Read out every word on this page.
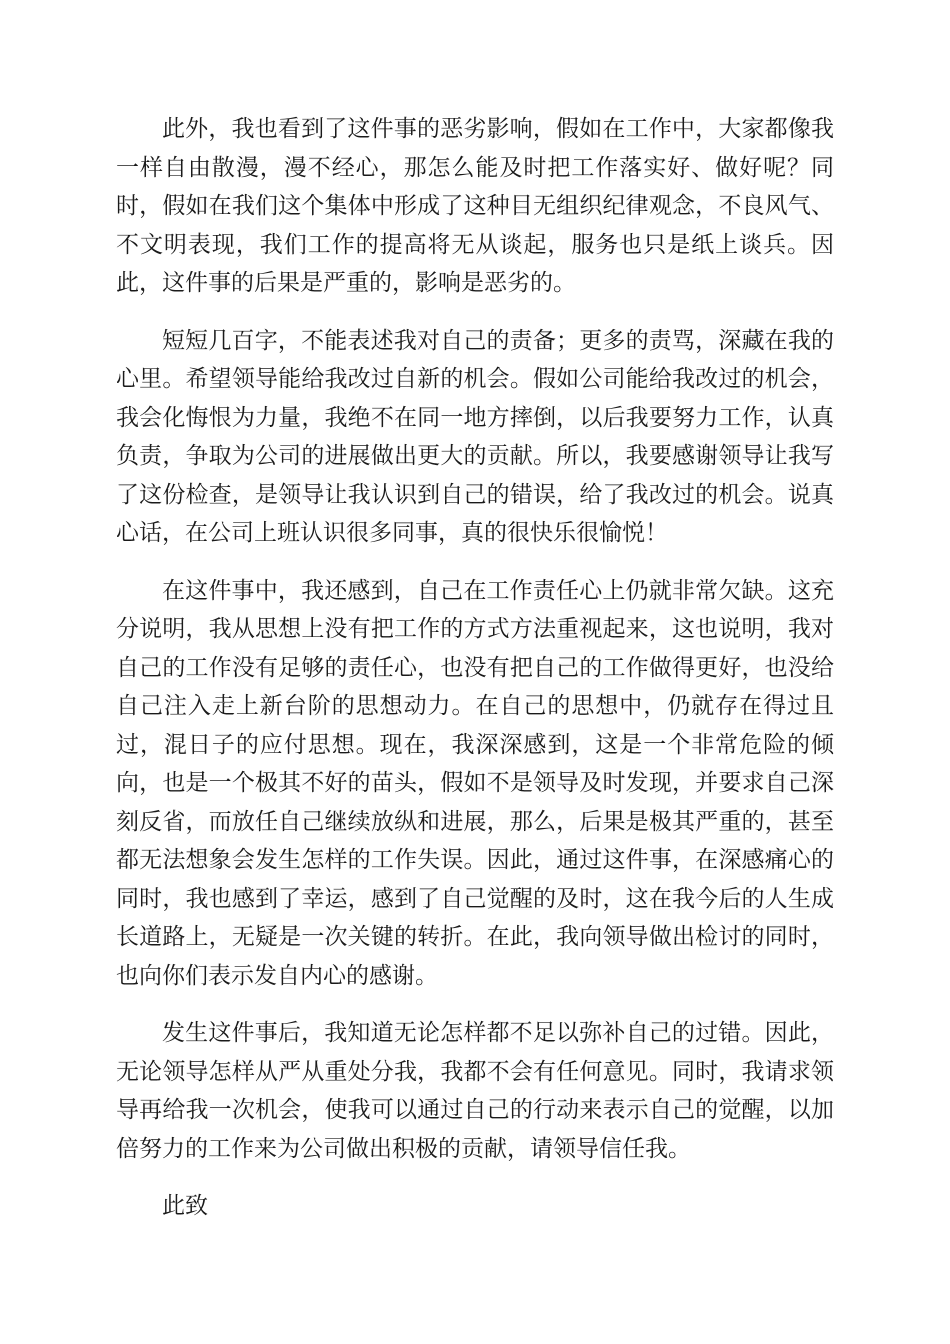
此外，我也看到了这件事的恶劣影响，假如在工作中，大家都像我一样自由散漫，漫不经心，那怎么能及时把工作落实好、做好呢？同时，假如在我们这个集体中形成了这种目无组织纪律观念，不良风气、不文明表现，我们工作的提高将无从谈起，服务也只是纸上谈兵。因此，这件事的后果是严重的，影响是恶劣的。

短短几百字，不能表述我对自己的责备；更多的责骂，深藏在我的心里。希望领导能给我改过自新的机会。假如公司能给我改过的机会，我会化悔恨为力量，我绝不在同一地方摔倒，以后我要努力工作，认真负责，争取为公司的进展做出更大的贡献。所以，我要感谢领导让我写了这份检查，是领导让我认识到自己的错误，给了我改过的机会。说真心话，在公司上班认识很多同事，真的很快乐很愉悦！

在这件事中，我还感到，自己在工作责任心上仍就非常欠缺。这充分说明，我从思想上没有把工作的方式方法重视起来，这也说明，我对自己的工作没有足够的责任心，也没有把自己的工作做得更好，也没给自己注入走上新台阶的思想动力。在自己的思想中，仍就存在得过且过，混日子的应付思想。现在，我深深感到，这是一个非常危险的倾向，也是一个极其不好的苗头，假如不是领导及时发现，并要求自己深刻反省，而放任自己继续放纵和进展，那么，后果是极其严重的，甚至都无法想象会发生怎样的工作失误。因此，通过这件事，在深感痛心的同时，我也感到了幸运，感到了自己觉醒的及时，这在我今后的人生成长道路上，无疑是一次关键的转折。在此，我向领导做出检讨的同时，也向你们表示发自内心的感谢。

发生这件事后，我知道无论怎样都不足以弥补自己的过错。因此，无论领导怎样从严从重处分我，我都不会有任何意见。同时，我请求领导再给我一次机会，使我可以通过自己的行动来表示自己的觉醒，以加倍努力的工作来为公司做出积极的贡献，请领导信任我。

此致
